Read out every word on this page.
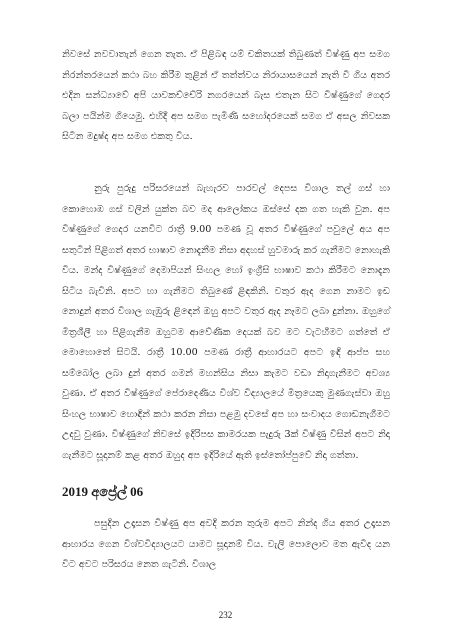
නිවසේ නවවාතැන් ගෙන තැත. ඒ පිළිබඳ යම් චකිතයක් තිබුණත් විෂ්ණු අප සමග නිරන්තරයෙන් කථා බහ කිරීම තුළින් ඒ තත්ත්වය නිරායාසයෙන් නැති වී ගිය අතර එදින සන්ධ්‍යාවේ අපි යාවකච්චේරි නගරයෙන් බැස එතැන සිට විෂ්ණුගේ ගෙදර බලා පයින්ම ගියෙමු. එහිදී අප සමග පැමිණි සහෝදරයෙක් සමග ඒ අසල නිවසක සිටින මදුෂ්ද අප සමග එකතු විය.

නුරු පුරුදු පරිසරයෙන් බැහැරව පාරවල් දෙපස විශාල තල් ගස් හා කොහොඹ ගස් වලින් යුක්ත බව මද ආලෝකය ඔස්සේ දක ගත හැකි වුන. අප විෂ්ණුගේ ගෙදර යනවිට රාත්‍රී 9.00 පමණ වූ අතර විෂ්ණුගේ පවුලේ අය අප සතුටින් පිළිගත් අතර භාෂාව නොදැනීම නිසා අදහස් හුවමාරු කර ගැනීමට නොහැකි විය. මන්ද විෂ්ණුගේ දෙමාපියන් සිංහල හෝ ඉංග්‍රීසි භාෂාව කථා කිරීමට නොදැන සිටිය බැවිනි. අපට හා ගැනීමට තිබුණේ ළිඳකිනි. වතුර ඇද ගෙන නාමට ඉඩ නොදුන් අතර විශාල ගැඹුරු ළිඳෙන් ඔහු අපට වතුර ඇද නෑමට ලබා දුන්නා. ඔහුගේ මිත්‍රශීලී හා පිළිගැනීම ඔහුටම ආවේණික දෙයක් බව මට වැටහීමට ගත්තේ ඒ මොහොතේ සිටයි. රාත්‍රී 10.00 පමණ රාත්‍රී ආහාරයට අපට ඉඳි ආප්ප සහ සම්බෝල ලබා දුන් අතර ගමන් මහන්සිය නිසා කැමට වඩා නිදාගැනීමට අවශ්‍ය වුණා. ඒ අතර විෂ්ණුගේ පේරාදෙණිය විශ්ව විද්‍යාලයේ මිත්‍රයෙකු මුණගැස්වා ඔහු සිංහල භාෂාව හොඳින් කථා කරන නිසා පළමු දවසේ අප හා සංවාදය ගොඩනැගීමට උදවු වුණා. විෂ්ණුගේ නිවසේ ඉදිරිපස කාමරයක පැදුරු 3ක් විෂ්ණු විසින් අපට නිදා ගැනීමට සූදානම් කළ අතර ඔහුද අප ඉදිරියේ ඇති ඉස්තෝප්පුවේ නිදා ගත්තා.

2019 අප්‍රේල් 06

පසුදින උදෑසන විෂ්ණු අප අවදි කරන තුරුම අපට නින්ද ගිය අතර උදෑසන ආහාරය ගෙන විශ්වවිද්‍යාලයට යාමට සූදානම් විය. වැලි පොලොව මත ඇවිද යන විට අවට පරිසරය නෙත ගැටිනි. විශාල

232
